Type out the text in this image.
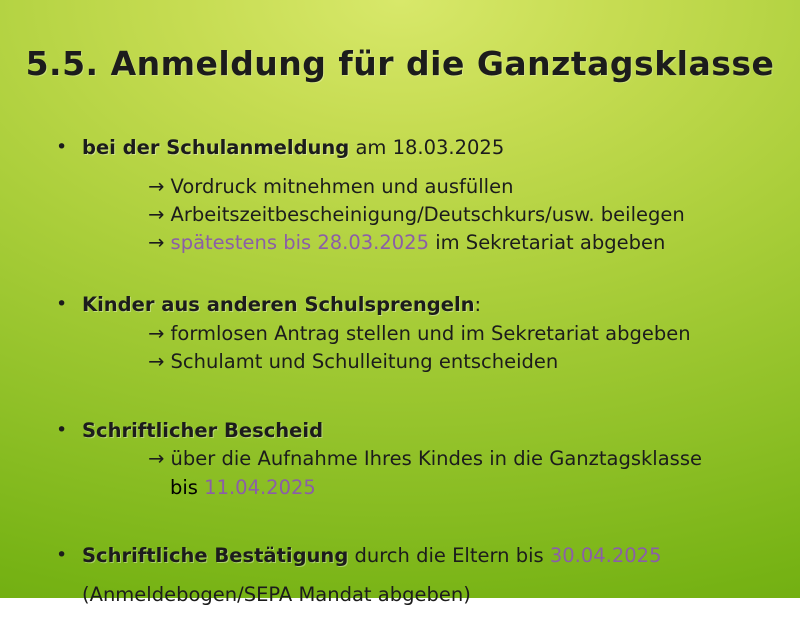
5.5. Anmeldung für die Ganztagsklasse
• bei der Schulanmeldung am 18.03.2025
→ Vordruck mitnehmen und ausfüllen
→ Arbeitszeitbescheinigung/Deutschkurs/usw. beilegen
→ spätestens bis 28.03.2025 im Sekretariat abgeben
• Kinder aus anderen Schulsprengeln:
→ formlosen Antrag stellen und im Sekretariat abgeben
→ Schulamt und Schulleitung entscheiden
• Schriftlicher Bescheid
→ über die Aufnahme Ihres Kindes in die Ganztagsklasse
bis 11.04.2025
• Schriftliche Bestätigung durch die Eltern bis 30.04.2025
(Anmeldebogen/SEPA Mandat abgeben)
